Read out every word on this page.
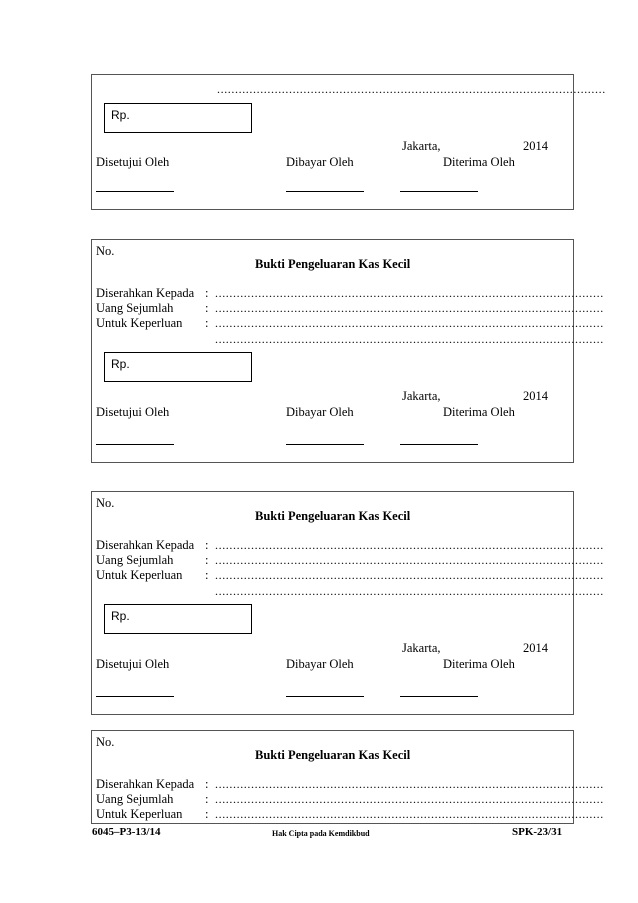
............................................................................................................
Rp.
Jakarta,	2014
Disetujui Oleh	Dibayar Oleh	Diterima Oleh
No.
Bukti Pengeluaran Kas Kecil
Diserahkan Kepada : ............................................................................................................
Uang Sejumlah	: ............................................................................................................
Untuk Keperluan : ............................................................................................................
............................................................................................................
Rp.
Jakarta,	2014
Disetujui Oleh	Dibayar Oleh	Diterima Oleh
No.
Bukti Pengeluaran Kas Kecil
Diserahkan Kepada : ............................................................................................................
Uang Sejumlah	: ............................................................................................................
Untuk Keperluan : ............................................................................................................
............................................................................................................
Rp.
Jakarta,	2014
Disetujui Oleh	Dibayar Oleh	Diterima Oleh
No.
Bukti Pengeluaran Kas Kecil
Diserahkan Kepada : ............................................................................................................
Uang Sejumlah	: ............................................................................................................
Untuk Keperluan : ............................................................................................................
6045–P3-13/14	Hak Cipta pada Kemdikbud	SPK-23/31
